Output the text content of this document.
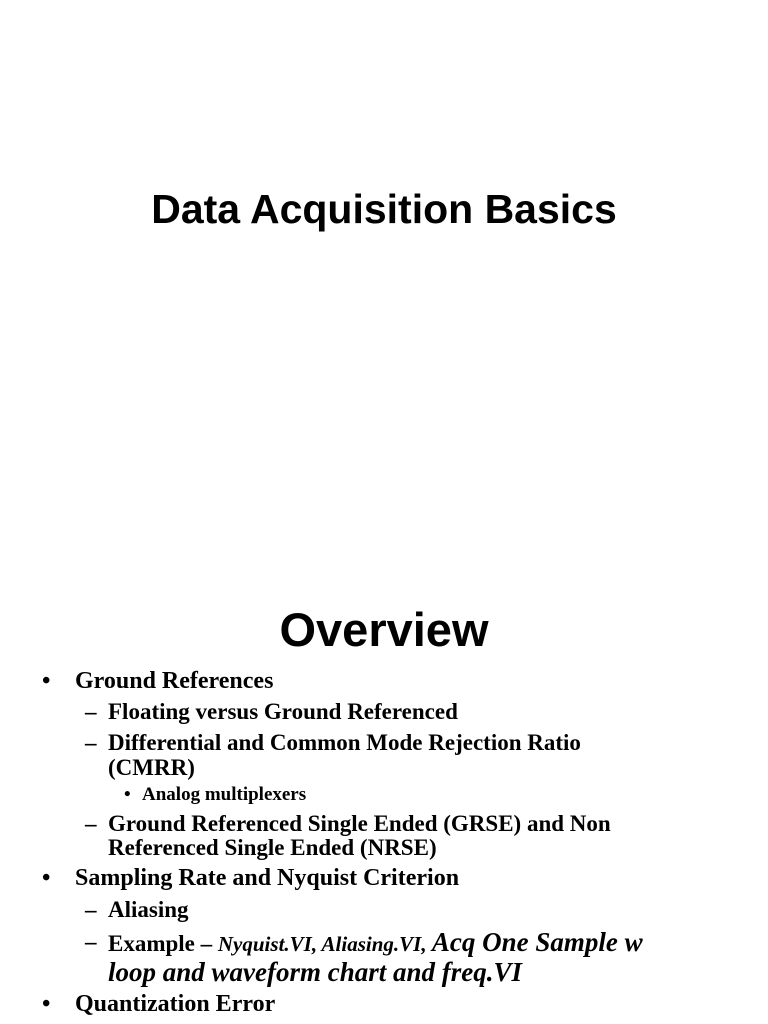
Data Acquisition Basics
Overview
• Ground References
– Floating versus Ground Referenced
– Differential and Common Mode Rejection Ratio
(CMRR)
• Analog multiplexers
– Ground Referenced Single Ended (GRSE) and Non
Referenced Single Ended (NRSE)
• Sampling Rate and Nyquist Criterion
– Aliasing
– Example – Nyquist.VI, Aliasing.VI, Acq One Sample w
loop and waveform chart and freq.VI
• Quantization Error
